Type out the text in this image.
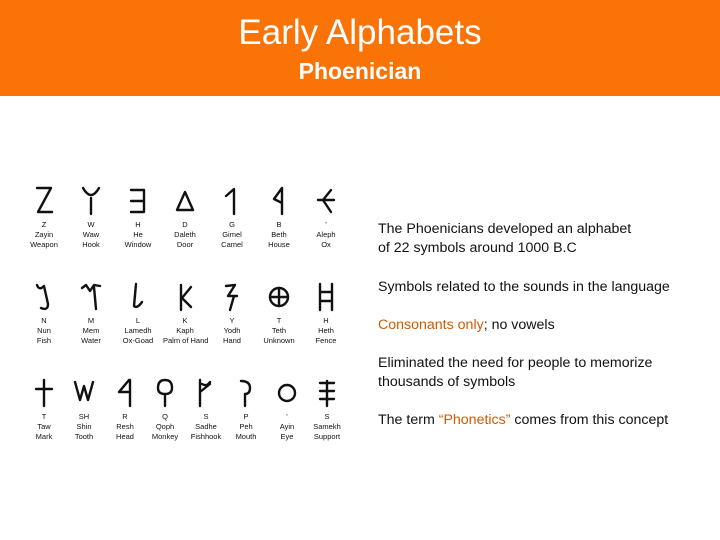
Early Alphabets
Phoenician
Z
Zayin
Weapon
W
Waw
Hook
H
He
Window
D
Daleth
Door
G
Gimel
Camel
B
Beth
House
'
Aleph
Ox
N
Nun
Fish
M
Mem
Water
L
Lamedh
Ox-Goad
K
Kaph
Palm of Hand
Y
Yodh
Hand
T
Teth
Unknown
H
Heth
Fence
T
Taw
Mark
SH
Shin
Tooth
R
Resh
Head
Q
Qoph
Monkey
S
Sadhe
Fishhook
P
Peh
Mouth
'
Ayin
Eye
S
Samekh
Support

The Phoenicians developed an alphabet
of 22 symbols around 1000 B.C

Symbols related to the sounds in the language

Consonants only; no vowels

Eliminated the need for people to memorize
thousands of symbols

The term “Phonetics” comes from this concept
